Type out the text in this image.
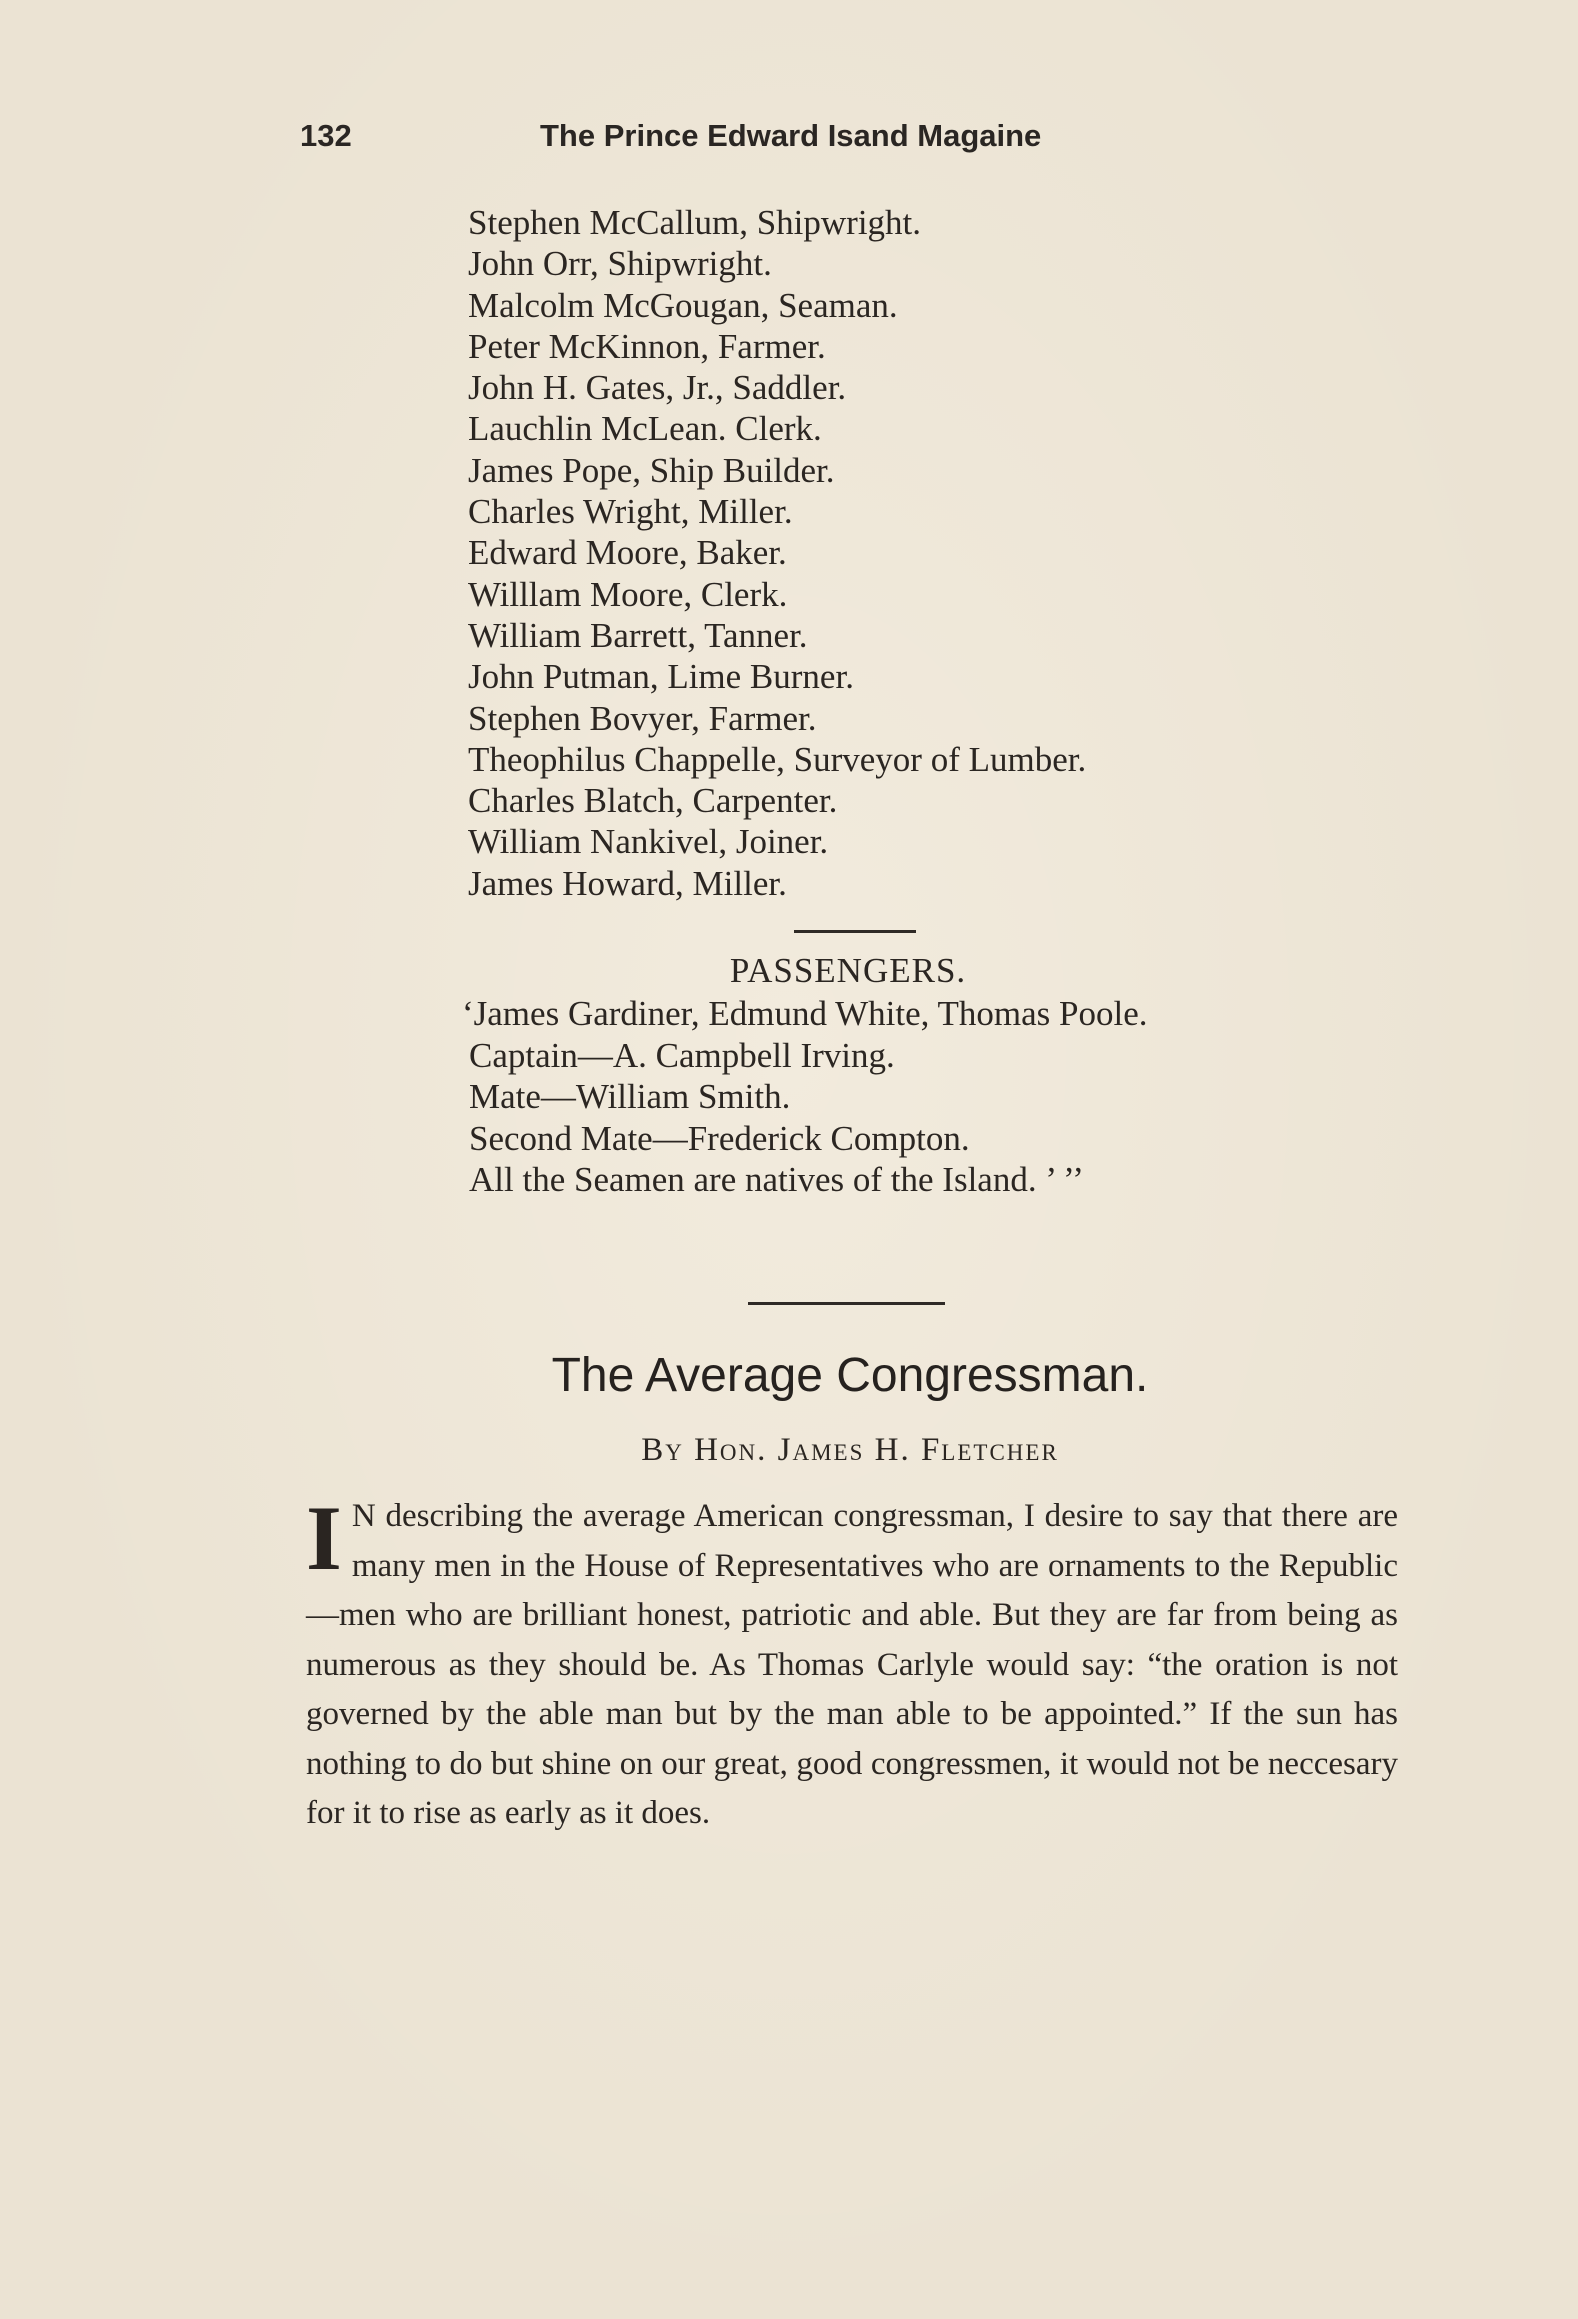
132	The Prince Edward Isand Magaine
Stephen McCallum, Shipwright.
John Orr, Shipwright.
Malcolm McGougan, Seaman.
Peter McKinnon, Farmer.
John H. Gates, Jr., Saddler.
Lauchlin McLean. Clerk.
James Pope, Ship Builder.
Charles Wright, Miller.
Edward Moore, Baker.
Willlam Moore, Clerk.
William Barrett, Tanner.
John Putman, Lime Burner.
Stephen Bovyer, Farmer.
Theophilus Chappelle, Surveyor of Lumber.
Charles Blatch, Carpenter.
William Nankivel, Joiner.
James Howard, Miller.
PASSENGERS.
‘James Gardiner, Edmund White, Thomas Poole.
Captain—A. Campbell Irving.
Mate—William Smith.
Second Mate—Frederick Compton.
All the Seamen are natives of the Island. ’ ’’
The Average Congressman.
By Hon. James H. Fletcher
I N describing the average American congressman, I desire to say that there are many men in the House of Representatives who are ornaments to the Republic—men who are brilliant honest, patriotic and able. But they are far from being as numerous as they should be. As Thomas Carlyle would say: “the oration is not governed by the able man but by the man able to be appointed.” If the sun has nothing to do but shine on our great, good congressmen, it would not be neccesary for it to rise as early as it does.
